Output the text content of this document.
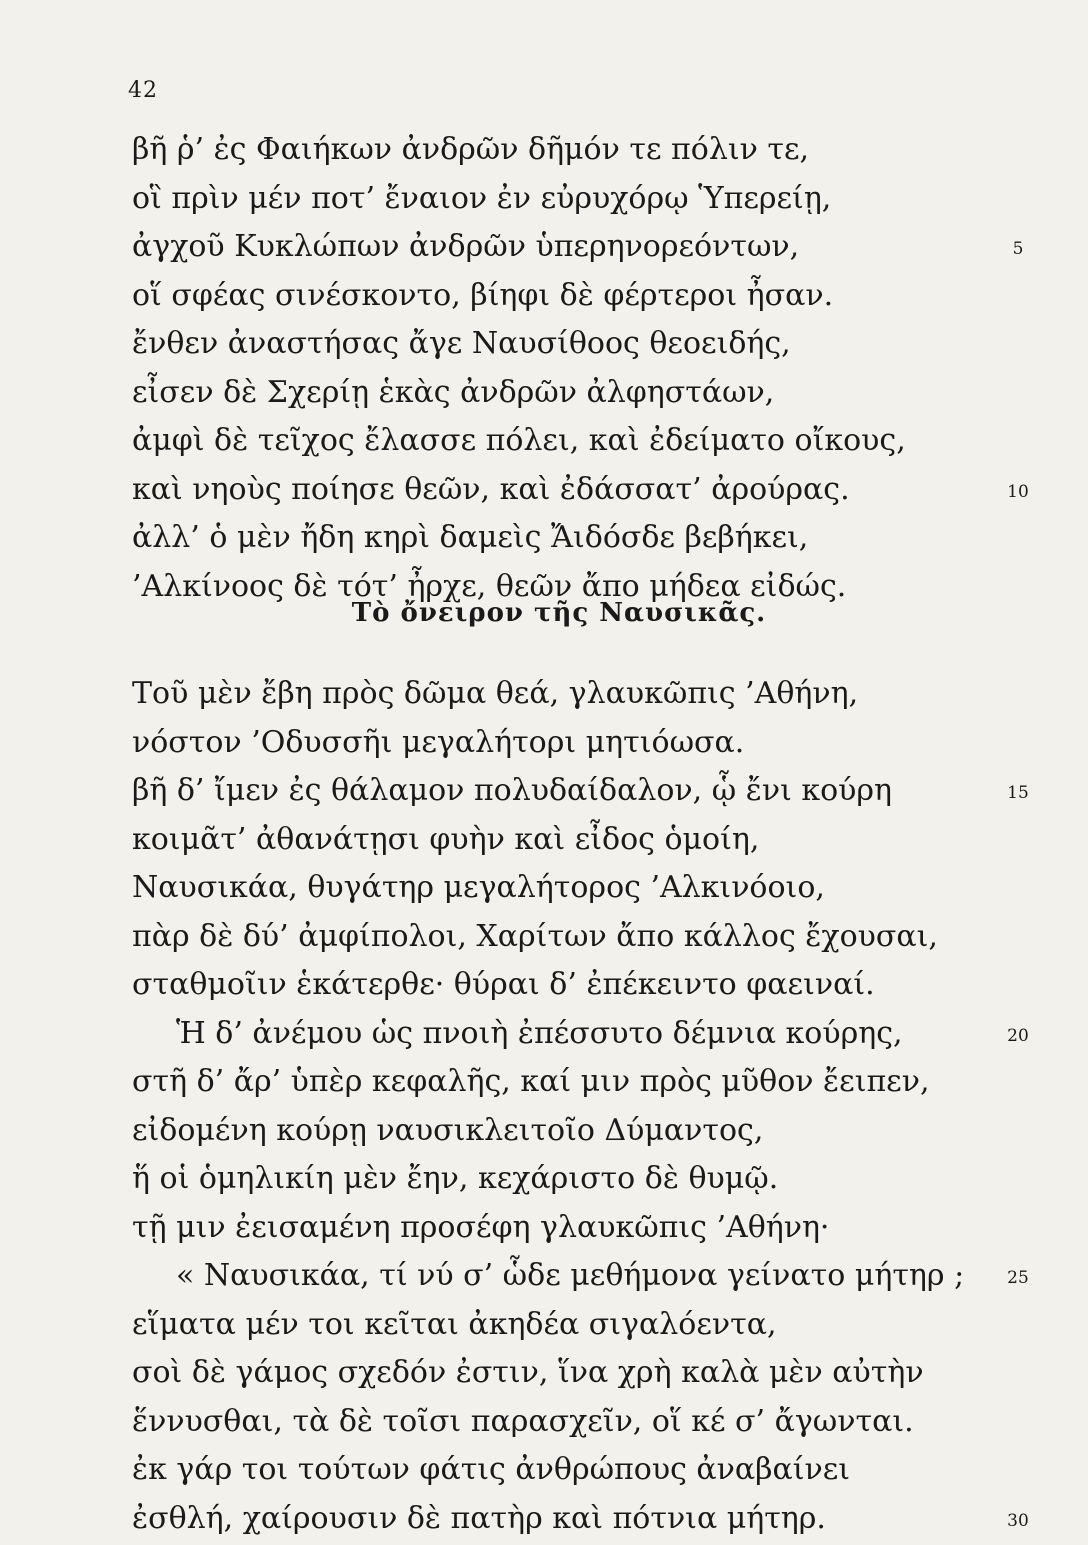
42
βῆ ῥ’ ἐς Φαιήκων ἀνδρῶν δῆμόν τε πόλιν τε,
οἳ πρὶν μέν ποτ’ ἔναιον ἐν εὐρυχόρῳ Ὑπερείῃ,
ἀγχοῦ Κυκλώπων ἀνδρῶν ὑπερηνορεόντων,	5
οἵ σφέας σινέσκοντο, βίηφι δὲ φέρτεροι ἦσαν.
ἔνθεν ἀναστήσας ἄγε Ναυσίθοος θεοειδής,
εἶσεν δὲ Σχερίῃ ἑκὰς ἀνδρῶν ἀλφηστάων,
ἀμφὶ δὲ τεῖχος ἔλασσε πόλει, καὶ ἐδείματο οἴκους,
καὶ νηοὺς ποίησε θεῶν, καὶ ἐδάσσατ’ ἀρούρας.	10
ἀλλ’ ὁ μὲν ἤδη κηρὶ δαμεὶς Ἄιδόσδε βεβήκει,
’Αλκίνοος δὲ τότ’ ἦρχε, θεῶν ἄπο μήδεα εἰδώς.
Τὸ ὄνειρον τῆς Ναυσικᾶς.
Τοῦ μὲν ἔβη πρὸς δῶμα θεά, γλαυκῶπις ’Αθήνη,
νόστον ’Οδυσσῆι μεγαλήτορι μητιόωσα.
βῆ δ’ ἴμεν ἐς θάλαμον πολυδαίδαλον, ᾧ ἔνι κούρη	15
κοιμᾶτ’ ἀθανάτῃσι φυὴν καὶ εἶδος ὁμοίη,
Ναυσικάα, θυγάτηρ μεγαλήτορος ’Αλκινόοιο,
πὰρ δὲ δύ’ ἀμφίπολοι, Χαρίτων ἄπο κάλλος ἔχουσαι,
σταθμοῖιν ἑκάτερθε· θύραι δ’ ἐπέκειντο φαειναί.
Ἡ δ’ ἀνέμου ὡς πνοιὴ ἐπέσσυτο δέμνια κούρης,	20
στῆ δ’ ἄρ’ ὑπὲρ κεφαλῆς, καί μιν πρὸς μῦθον ἔειπεν,
εἰδομένη κούρῃ ναυσικλειτοῖο Δύμαντος,
ἥ οἱ ὁμηλικίη μὲν ἔην, κεχάριστο δὲ θυμῷ.
τῇ μιν ἐεισαμένη προσέφη γλαυκῶπις ’Αθήνη·
« Ναυσικάα, τί νύ σ’ ὧδε μεθήμονα γείνατο μήτηρ ;	25
εἵματα μέν τοι κεῖται ἀκηδέα σιγαλόεντα,
σοὶ δὲ γάμος σχεδόν ἐστιν, ἵνα χρὴ καλὰ μὲν αὐτὴν
ἕννυσθαι, τὰ δὲ τοῖσι παρασχεῖν, οἵ κέ σ’ ἄγωνται.
ἐκ γάρ τοι τούτων φάτις ἀνθρώπους ἀναβαίνει
ἐσθλή, χαίρουσιν δὲ πατὴρ καὶ πότνια μήτηρ.	30
